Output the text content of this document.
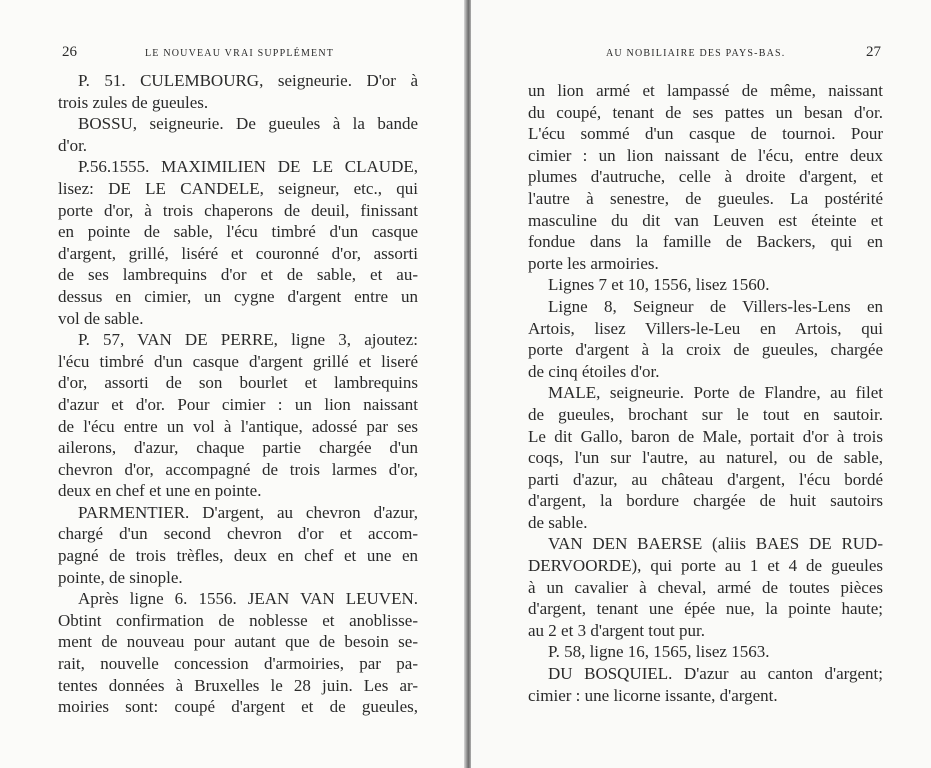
26	LE NOUVEAU VRAI SUPPLÉMENT
P. 51. CULEMBOURG, seigneurie. D'or à
trois zules de gueules.
BOSSU, seigneurie. De gueules à la bande
d'or.
P.56.1555. MAXIMILIEN DE LE CLAUDE,
lisez: DE LE CANDELE, seigneur, etc., qui
porte d'or, à trois chaperons de deuil, finissant
en pointe de sable, l'écu timbré d'un casque
d'argent, grillé, liséré et couronné d'or, assorti
de ses lambrequins d'or et de sable, et au-
dessus en cimier, un cygne d'argent entre un
vol de sable.
P. 57, VAN DE PERRE, ligne 3, ajoutez:
l'écu timbré d'un casque d'argent grillé et liseré
d'or, assorti de son bourlet et lambrequins
d'azur et d'or. Pour cimier : un lion naissant
de l'écu entre un vol à l'antique, adossé par ses
ailerons, d'azur, chaque partie chargée d'un
chevron d'or, accompagné de trois larmes d'or,
deux en chef et une en pointe.
PARMENTIER. D'argent, au chevron d'azur,
chargé d'un second chevron d'or et accom-
pagné de trois trèfles, deux en chef et une en
pointe, de sinople.
Après ligne 6. 1556. JEAN VAN LEUVEN.
Obtint confirmation de noblesse et anoblisse-
ment de nouveau pour autant que de besoin se-
rait, nouvelle concession d'armoiries, par pa-
tentes données à Bruxelles le 28 juin. Les ar-
moiries sont: coupé d'argent et de gueules,
AU NOBILIAIRE DES PAYS-BAS.	27
un lion armé et lampassé de même, naissant
du coupé, tenant de ses pattes un besan d'or.
L'écu sommé d'un casque de tournoi. Pour
cimier : un lion naissant de l'écu, entre deux
plumes d'autruche, celle à droite d'argent, et
l'autre à senestre, de gueules. La postérité
masculine du dit van Leuven est éteinte et
fondue dans la famille de Backers, qui en
porte les armoiries.
Lignes 7 et 10, 1556, lisez 1560.
Ligne 8, Seigneur de Villers-les-Lens en
Artois, lisez Villers-le-Leu en Artois, qui
porte d'argent à la croix de gueules, chargée
de cinq étoiles d'or.
MALE, seigneurie. Porte de Flandre, au filet
de gueules, brochant sur le tout en sautoir.
Le dit Gallo, baron de Male, portait d'or à trois
coqs, l'un sur l'autre, au naturel, ou de sable,
parti d'azur, au château d'argent, l'écu bordé
d'argent, la bordure chargée de huit sautoirs
de sable.
VAN DEN BAERSE (aliis BAES DE RUD-
DERVOORDE), qui porte au 1 et 4 de gueules
à un cavalier à cheval, armé de toutes pièces
d'argent, tenant une épée nue, la pointe haute;
au 2 et 3 d'argent tout pur.
P. 58, ligne 16, 1565, lisez 1563.
DU BOSQUIEL. D'azur au canton d'argent;
cimier : une licorne issante, d'argent.
